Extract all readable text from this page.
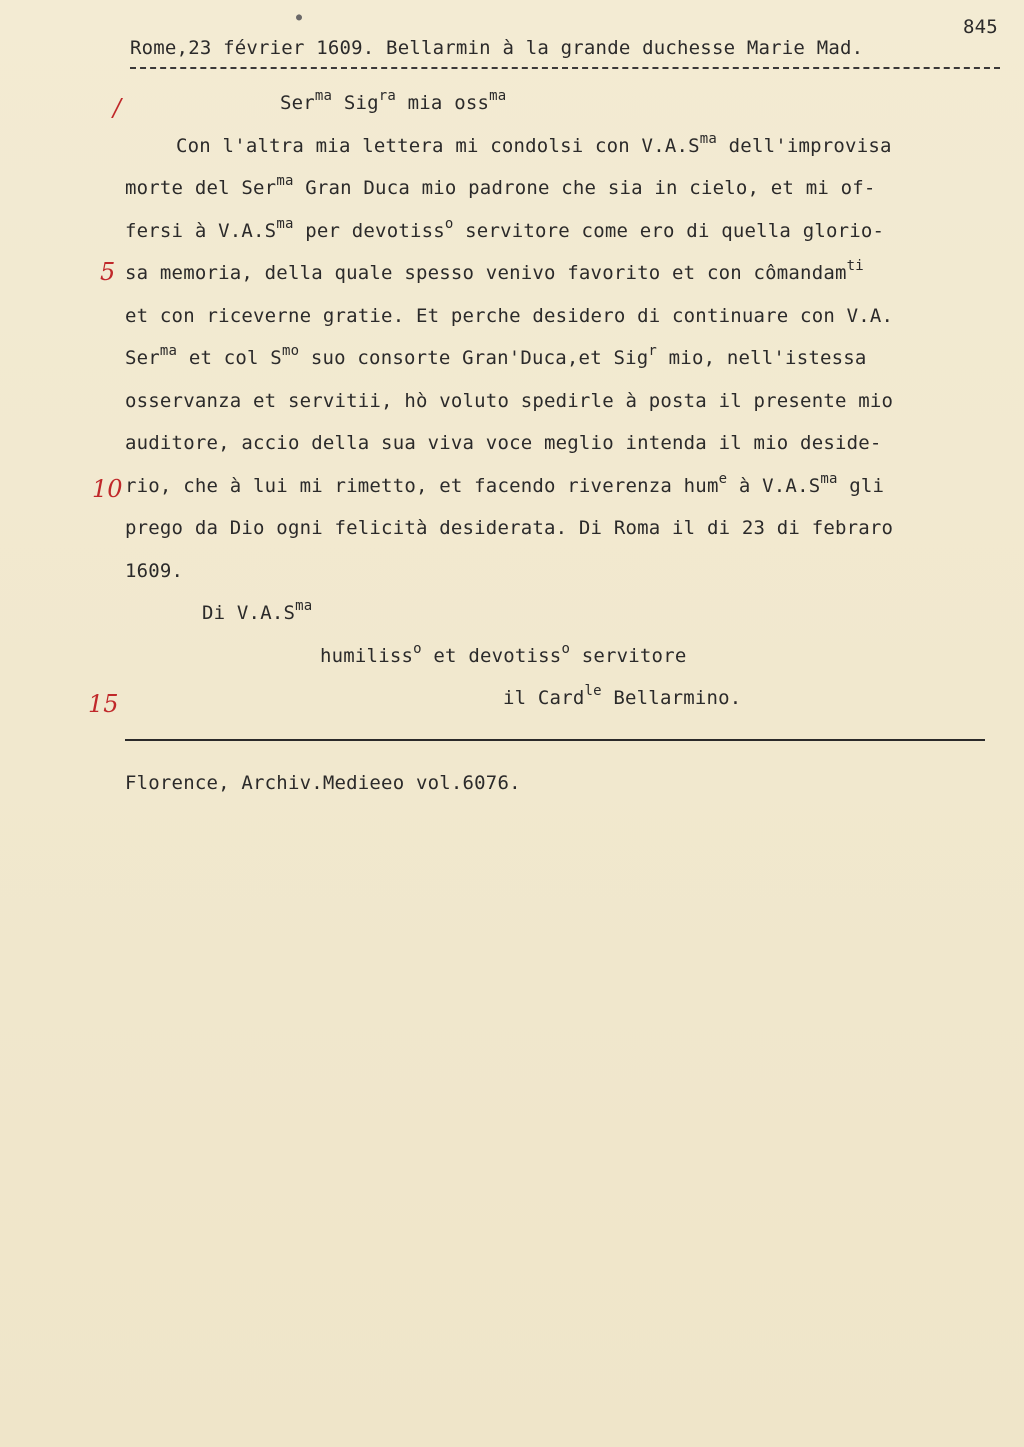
●	845
Rome,23 février 1609. Bellarmin à la grande duchesse Marie Mad.
/
5
10
15
Ser$^{ma}$ Sig$^{ra}$ mia oss$^{ma}$
Con l'altra mia lettera mi condolsi con $V.A.S^{ma}$ dell'improvisa
morte del Ser$^{ma}$ Gran Duca mio padrone che sia in cielo, et mi of-
fersi à $V.A.S^{ma}$ per devotiss$^o$ servitore come ero di quella glorio-
sa memoria, della quale spesso venivo favorito et con cômandam$^{ti}$
et con riceverne gratie. Et perche desidero di continuare con V.A.
Ser$^{ma}$ et col $S^{mo}$ suo consorte Gran'Duca,et Sig$^r$ mio, nell'istessa
osservanza et servitii, hò voluto spedirle à posta il presente mio
auditore, accio della sua viva voce meglio intenda il mio deside-
rio, che à lui mi rimetto, et facendo riverenza hum$^e$ à $V.A.S^{ma}$ gli
prego da Dio ogni felicità desiderata. Di Roma il di 23 di febraro
1609.
Di $V.A.S^{ma}$
humiliss$^o$ et devotiss$^o$ servitore
il Card$^{le}$ Bellarmino.
Florence, Archiv.Medieeo vol.6076.
